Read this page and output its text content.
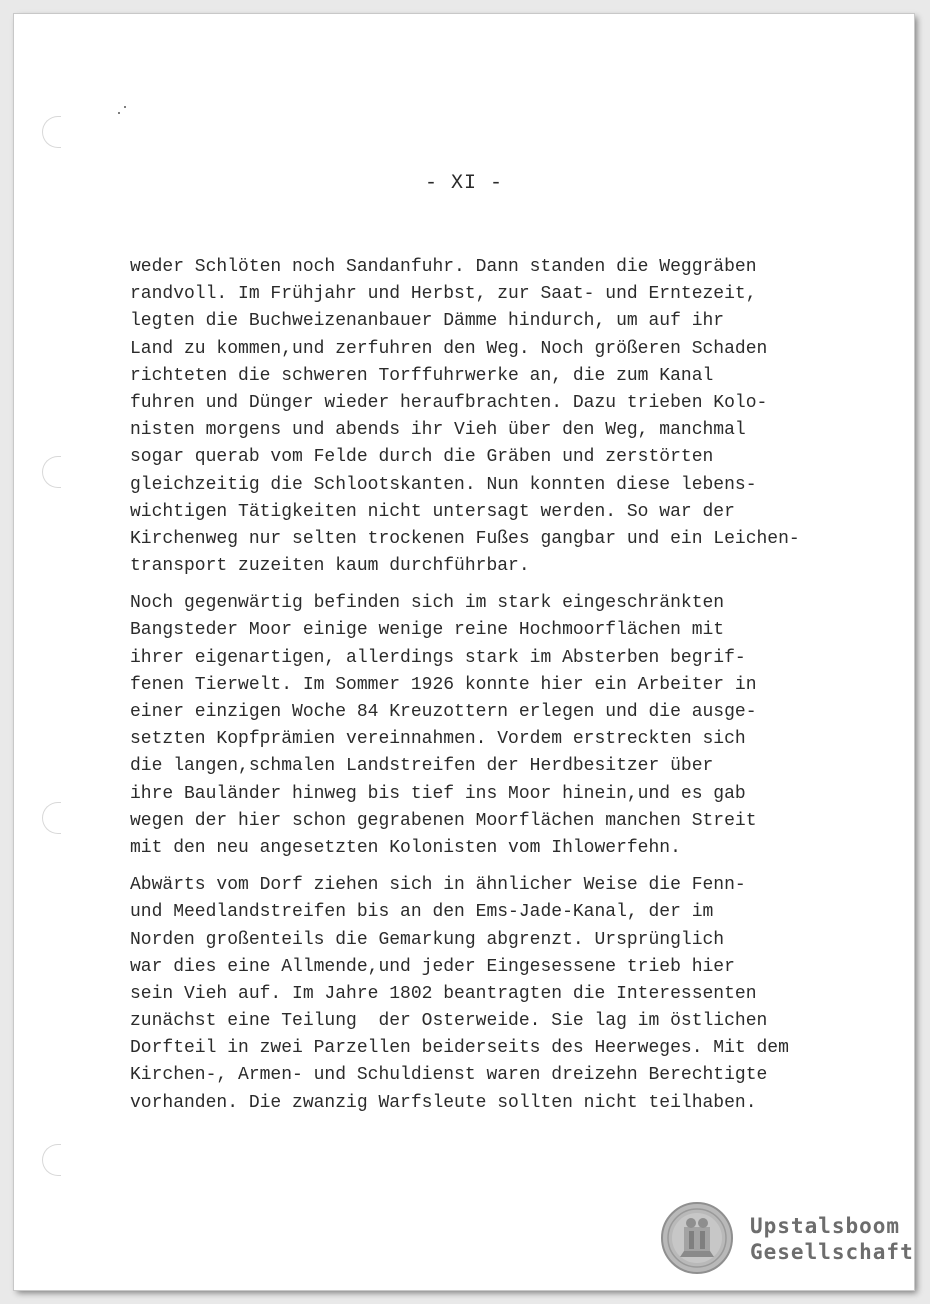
- XI -
weder Schlöten noch Sandanfuhr. Dann standen die Weggräben
randvoll. Im Frühjahr und Herbst, zur Saat- und Erntezeit,
legten die Buchweizenanbauer Dämme hindurch, um auf ihr
Land zu kommen,und zerfuhren den Weg. Noch größeren Schaden
richteten die schweren Torffuhrwerke an, die zum Kanal
fuhren und Dünger wieder heraufbrachten. Dazu trieben Kolo-
nisten morgens und abends ihr Vieh über den Weg, manchmal
sogar querab vom Felde durch die Gräben und zerstörten
gleichzeitig die Schlootskanten. Nun konnten diese lebens-
wichtigen Tätigkeiten nicht untersagt werden. So war der
Kirchenweg nur selten trockenen Fußes gangbar und ein Leichen-
transport zuzeiten kaum durchführbar.
Noch gegenwärtig befinden sich im stark eingeschränkten
Bangsteder Moor einige wenige reine Hochmoorflächen mit
ihrer eigenartigen, allerdings stark im Absterben begrif-
fenen Tierwelt. Im Sommer 1926 konnte hier ein Arbeiter in
einer einzigen Woche 84 Kreuzottern erlegen und die ausge-
setzten Kopfprämien vereinnahmen. Vordem erstreckten sich
die langen,schmalen Landstreifen der Herdbesitzer über
ihre Bauländer hinweg bis tief ins Moor hinein,und es gab
wegen der hier schon gegrabenen Moorflächen manchen Streit
mit den neu angesetzten Kolonisten vom Ihlowerfehn.
Abwärts vom Dorf ziehen sich in ähnlicher Weise die Fenn-
und Meedlandstreifen bis an den Ems-Jade-Kanal, der im
Norden großenteils die Gemarkung abgrenzt. Ursprünglich
war dies eine Allmende,und jeder Eingesessene trieb hier
sein Vieh auf. Im Jahre 1802 beantragten die Interessenten
zunächst eine Teilung  der Osterweide. Sie lag im östlichen
Dorfteil in zwei Parzellen beiderseits des Heerweges. Mit dem
Kirchen-, Armen- und Schuldienst waren dreizehn Berechtigte
vorhanden. Die zwanzig Warfsleute sollten nicht teilhaben.
Upstalsboom
Gesellschaft
